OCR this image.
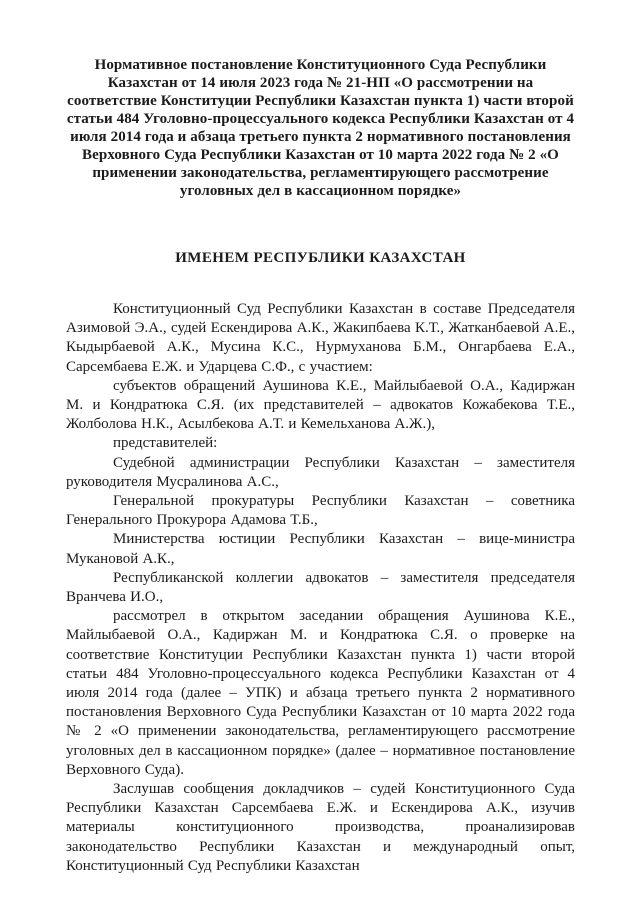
Нормативное постановление Конституционного Суда Республики Казахстан от 14 июля 2023 года № 21-НП «О рассмотрении на соответствие Конституции Республики Казахстан пункта 1) части второй статьи 484 Уголовно-процессуального кодекса Республики Казахстан от 4 июля 2014 года и абзаца третьего пункта 2 нормативного постановления Верховного Суда Республики Казахстан от 10 марта 2022 года № 2 «О применении законодательства, регламентирующего рассмотрение уголовных дел в кассационном порядке»
ИМЕНЕМ РЕСПУБЛИКИ КАЗАХСТАН

Конституционный Суд Республики Казахстан в составе Председателя Азимовой Э.А., судей Ескендирова А.К., Жакипбаева К.Т., Жатканбаевой А.Е., Кыдырбаевой А.К., Мусина К.С., Нурмуханова Б.М., Онгарбаева Е.А., Сарсембаева Е.Ж. и Ударцева С.Ф., с участием:

субъектов обращений Аушинова К.Е., Майлыбаевой О.А., Кадиржан М. и Кондратюка С.Я. (их представителей – адвокатов Кожабекова Т.Е., Жолболова Н.К., Асылбекова А.Т. и Кемельханова А.Ж.),

представителей:

Судебной администрации Республики Казахстан – заместителя руководителя Мусралинова А.С.,

Генеральной прокуратуры Республики Казахстан – советника Генерального Прокурора Адамова Т.Б.,

Министерства юстиции Республики Казахстан – вице-министра Мукановой А.К.,

Республиканской коллегии адвокатов – заместителя председателя Вранчева И.О.,

рассмотрел в открытом заседании обращения Аушинова К.Е., Майлыбаевой О.А., Кадиржан М. и Кондратюка С.Я. о проверке на соответствие Конституции Республики Казахстан пункта 1) части второй статьи 484 Уголовно-процессуального кодекса Республики Казахстан от 4 июля 2014 года (далее – УПК) и абзаца третьего пункта 2 нормативного постановления Верховного Суда Республики Казахстан от 10 марта 2022 года № 2 «О применении законодательства, регламентирующего рассмотрение уголовных дел в кассационном порядке» (далее – нормативное постановление Верховного Суда).

Заслушав сообщения докладчиков – судей Конституционного Суда Республики Казахстан Сарсембаева Е.Ж. и Ескендирова А.К., изучив материалы конституционного производства, проанализировав законодательство Республики Казахстан и международный опыт, Конституционный Суд Республики Казахстан
